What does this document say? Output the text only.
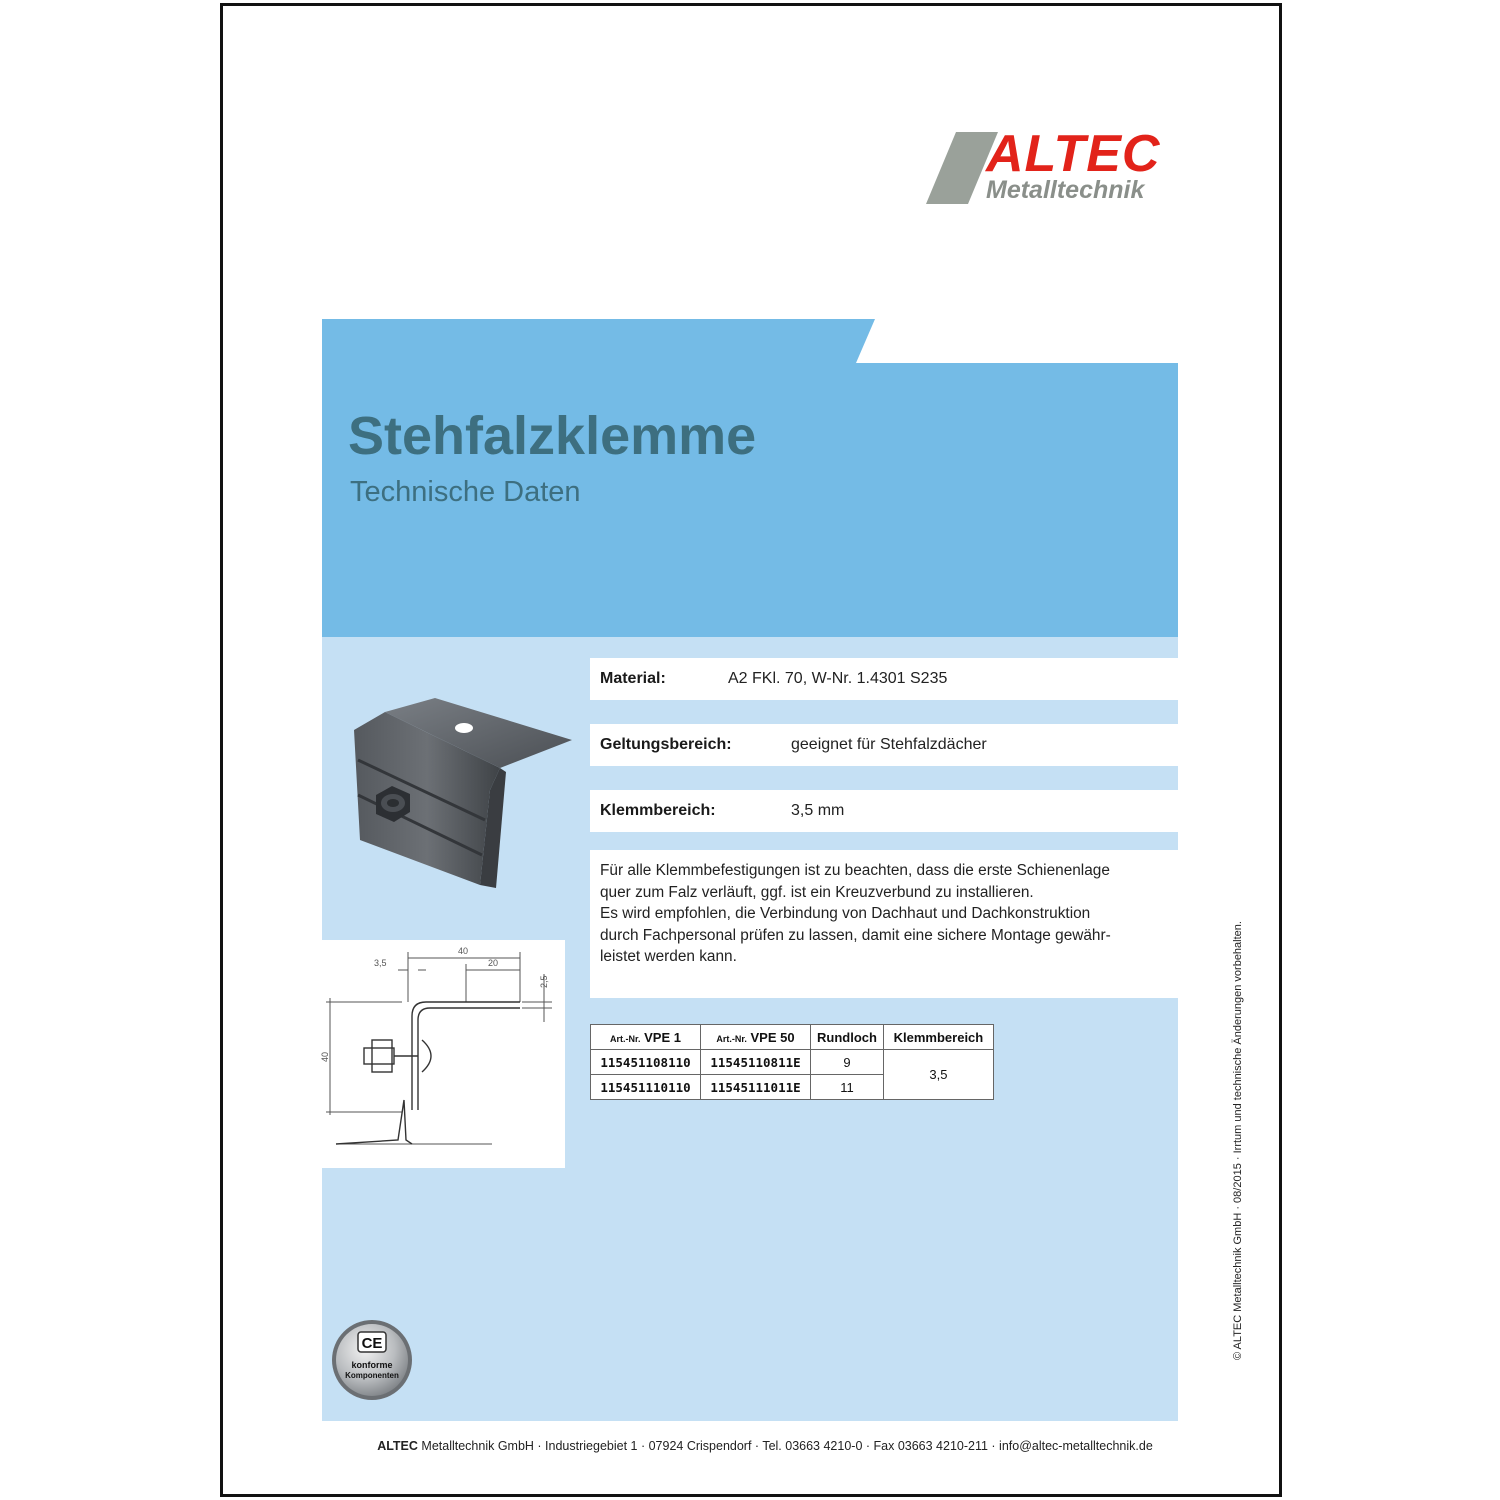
ALTEC
Metalltechnik
Stehfalzklemme
Technische Daten
Material:	A2 FKl. 70, W-Nr. 1.4301 S235
Geltungsbereich:	geeignet für Stehfalzdächer
Klemmbereich:	3,5 mm
Für alle Klemmbefestigungen ist zu beachten, dass die erste Schienenlage
quer zum Falz verläuft, ggf. ist ein Kreuzverbund zu installieren.
Es wird empfohlen, die Verbindung von Dachhaut und Dachkonstruktion
durch Fachpersonal prüfen zu lassen, damit eine sichere Montage gewähr-
leistet werden kann.
40
20
3,5
2,5
40
Art.-Nr. VPE 1	Art.-Nr. VPE 50	Rundloch	Klemmbereich
115451108110	11545110811E	9	3,5
115451110110	11545111011E	11	
CE
konforme
Komponenten
© ALTEC Metalltechnik GmbH · 08/2015 · Irrtum und technische Änderungen vorbehalten.
ALTEC Metalltechnik GmbH · Industriegebiet 1 · 07924 Crispendorf · Tel. 03663 4210-0 · Fax 03663 4210-211 · info@altec-metalltechnik.de
